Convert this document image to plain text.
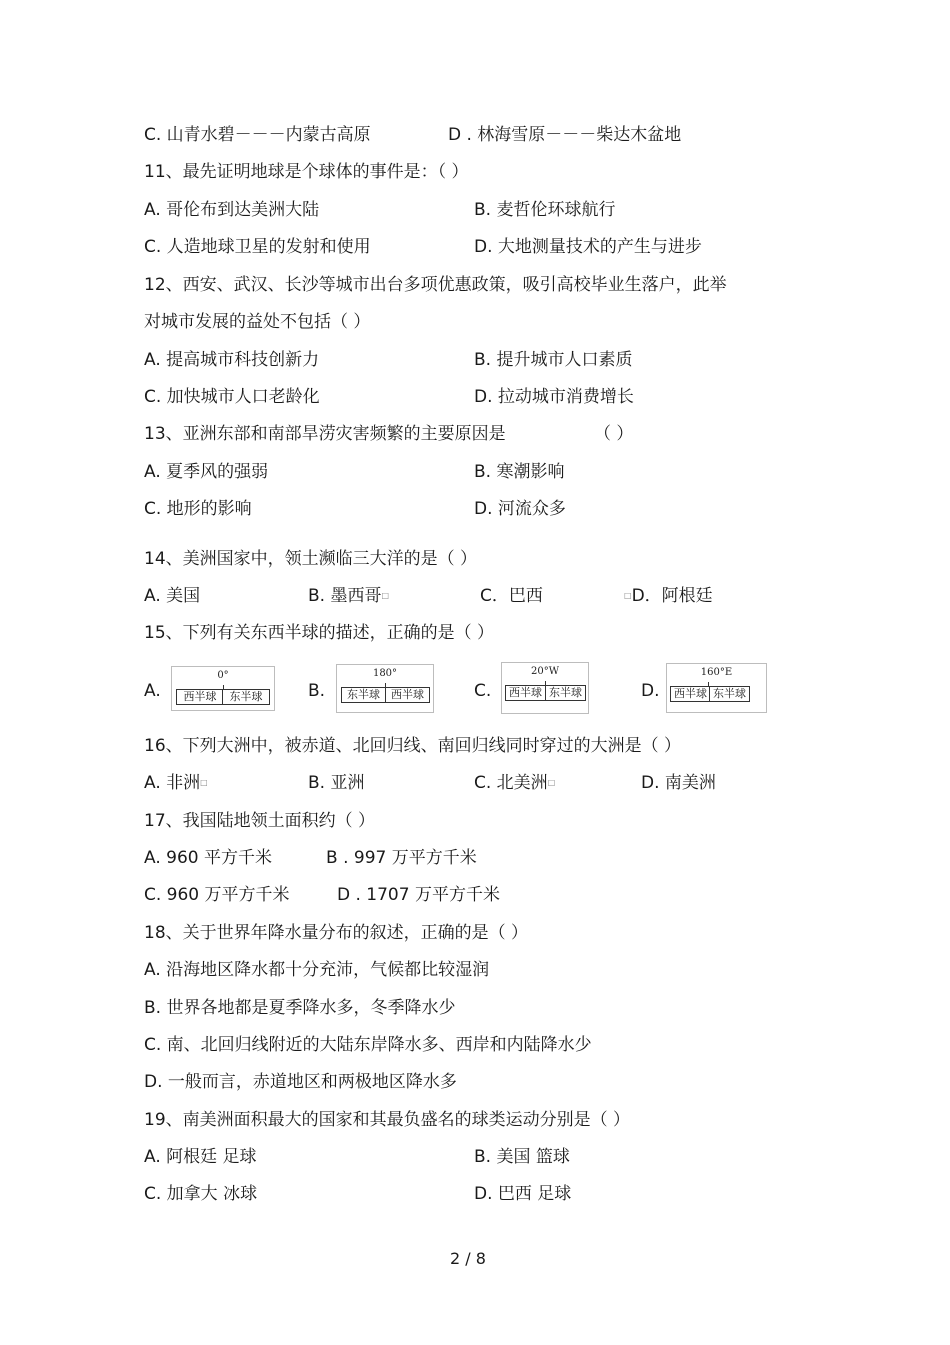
C. 山青水碧－－－内蒙古高原	D . 林海雪原－－－柴达木盆地
11、最先证明地球是个球体的事件是：（ ）
A. 哥伦布到达美洲大陆	B. 麦哲伦环球航行
C. 人造地球卫星的发射和使用	D. 大地测量技术的产生与进步
12、西安、武汉、长沙等城市出台多项优惠政策，吸引高校毕业生落户，此举
对城市发展的益处不包括（ ）
A. 提高城市科技创新力	B. 提升城市人口素质
C. 加快城市人口老龄化	D. 拉动城市消费增长
13、亚洲东部和南部旱涝灾害频繁的主要原因是	（ ）
A. 夏季风的强弱	B. 寒潮影响
C. 地形的影响	D. 河流众多
14、美洲国家中，领土濒临三大洋的是（ ）
A. 美国	B. 墨西哥□	C．巴西	□D．阿根廷
15、下列有关东西半球的描述，正确的是（ ）
A.
0°
西半球	东半球	B.
180°
东半球	西半球	C.
20°W
西半球 东半球	D.
160°E
西半球 东半球
16、下列大洲中，被赤道、北回归线、南回归线同时穿过的大洲是（ ）
A. 非洲□	B. 亚洲	C. 北美洲□	D. 南美洲
17、我国陆地领土面积约（ ）
A. 960 平方千米	B . 997 万平方千米
C. 960 万平方千米	D . 1707 万平方千米
18、关于世界年降水量分布的叙述，正确的是（ ）
A. 沿海地区降水都十分充沛，气候都比较湿润
B. 世界各地都是夏季降水多，冬季降水少
C. 南、北回归线附近的大陆东岸降水多、西岸和内陆降水少
D. 一般而言，赤道地区和两极地区降水多
19、南美洲面积最大的国家和其最负盛名的球类运动分别是（ ）
A. 阿根廷 足球	B. 美国 篮球
C. 加拿大 冰球	D. 巴西 足球
2 / 8
